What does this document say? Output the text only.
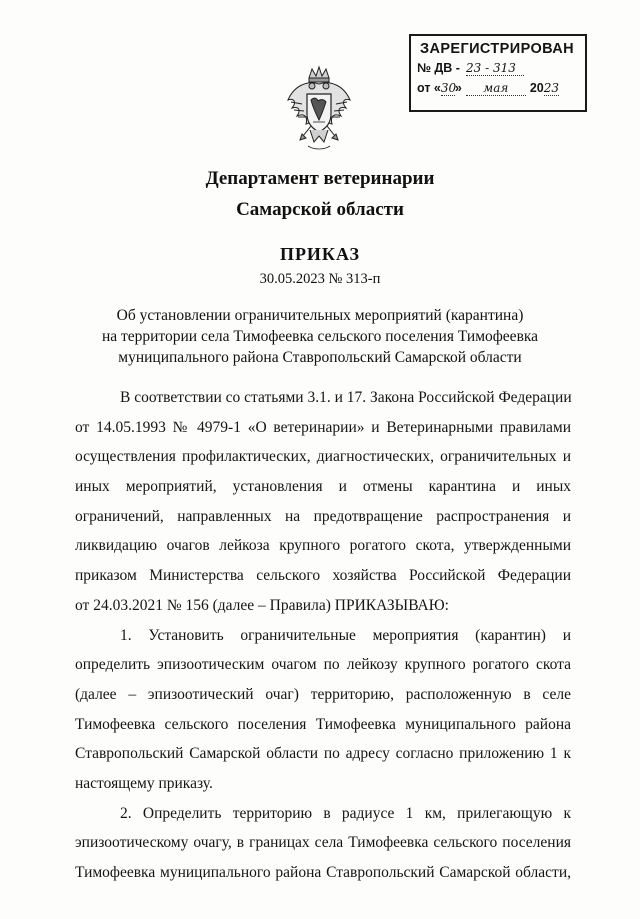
ЗАРЕГИСТРИРОВАН
№ ДВ - 23 - 313
от «30» мая 2023
Департамент ветеринарии
Самарской области
ПРИКАЗ
30.05.2023 № 313-п
Об установлении ограничительных мероприятий (карантина)
на территории села Тимофеевка сельского поселения Тимофеевка
муниципального района Ставропольский Самарской области
В соответствии со статьями 3.1. и 17. Закона Российской Федерации
от 14.05.1993 № 4979-1 «О ветеринарии» и Ветеринарными правилами
осуществления профилактических, диагностических, ограничительных и
иных мероприятий, установления и отмены карантина и иных
ограничений, направленных на предотвращение распространения и
ликвидацию очагов лейкоза крупного рогатого скота, утвержденными
приказом Министерства сельского хозяйства Российской Федерации
от 24.03.2021 № 156 (далее – Правила) ПРИКАЗЫВАЮ:
1. Установить ограничительные мероприятия (карантин) и
определить эпизоотическим очагом по лейкозу крупного рогатого скота
(далее – эпизоотический очаг) территорию, расположенную в селе
Тимофеевка сельского поселения Тимофеевка муниципального района
Ставропольский Самарской области по адресу согласно приложению 1 к
настоящему приказу.
2. Определить территорию в радиусе 1 км, прилегающую к
эпизоотическому очагу, в границах села Тимофеевка сельского поселения
Тимофеевка муниципального района Ставропольский Самарской области,
